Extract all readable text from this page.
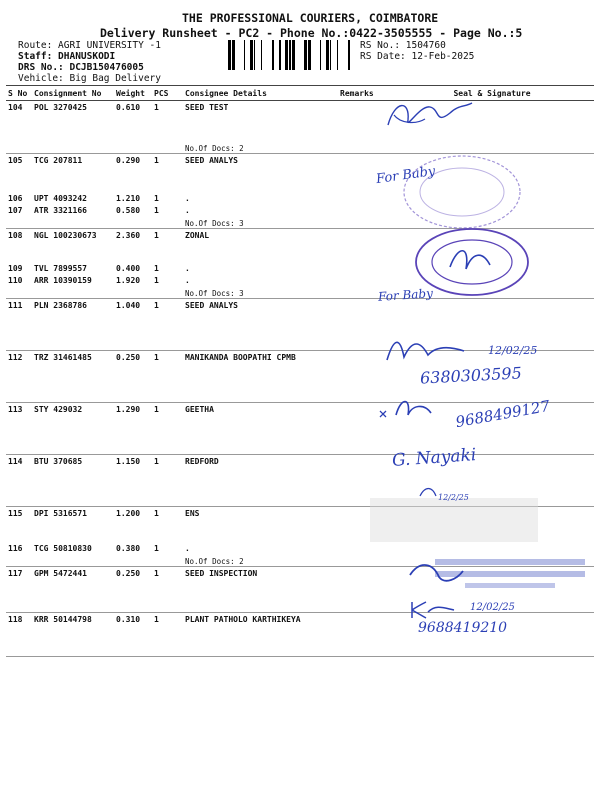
THE PROFESSIONAL COURIERS, COIMBATORE
Delivery Runsheet - PC2 - Phone No.:0422-3505555 - Page No.:5
Route: AGRI UNIVERSITY -1
Staff: DHANUSKODI
DRS No.: DCJB150476005
Vehicle: Big Bag Delivery
RS No.: 1504760
RS Date: 12-Feb-2025
S No	Consignment No	Weight	PCS	Consignee Details	Remarks	Seal & Signature
104	POL 3270425	0.610	1	SEED TEST
No.Of Docs: 2		

105	TCG 207811	0.290	1	SEED ANALYS		
106	UPT 4093242	1.210	1	.		
107	ATR 3321166	0.580	1	.
No.Of Docs: 3		

108	NGL 100230673	2.360	1	ZONAL		
109	TVL 7899557	0.400	1	.		
110	ARR 10390159	1.920	1	.
No.Of Docs: 3		

111	PLN 2368786	1.040	1	SEED ANALYS		
112	TRZ 31461485	0.250	1	MANIKANDA BOOPATHI CPMB		
113	STY 429032	1.290	1	GEETHA		
114	BTU 370685	1.150	1	REDFORD		
115	DPI 5316571	1.200	1	ENS		
116	TCG 50810830	0.380	1	.
No.Of Docs: 2		

117	GPM 5472441	0.250	1	SEED INSPECTION		
118	KRR 50144798	0.310	1	PLANT PATHOLO KARTHIKEYA		
For Baby
For Baby
12/02/25
6380303595
9688499127
G. Nayaki
12/2/25
12/02/25
9688419210
